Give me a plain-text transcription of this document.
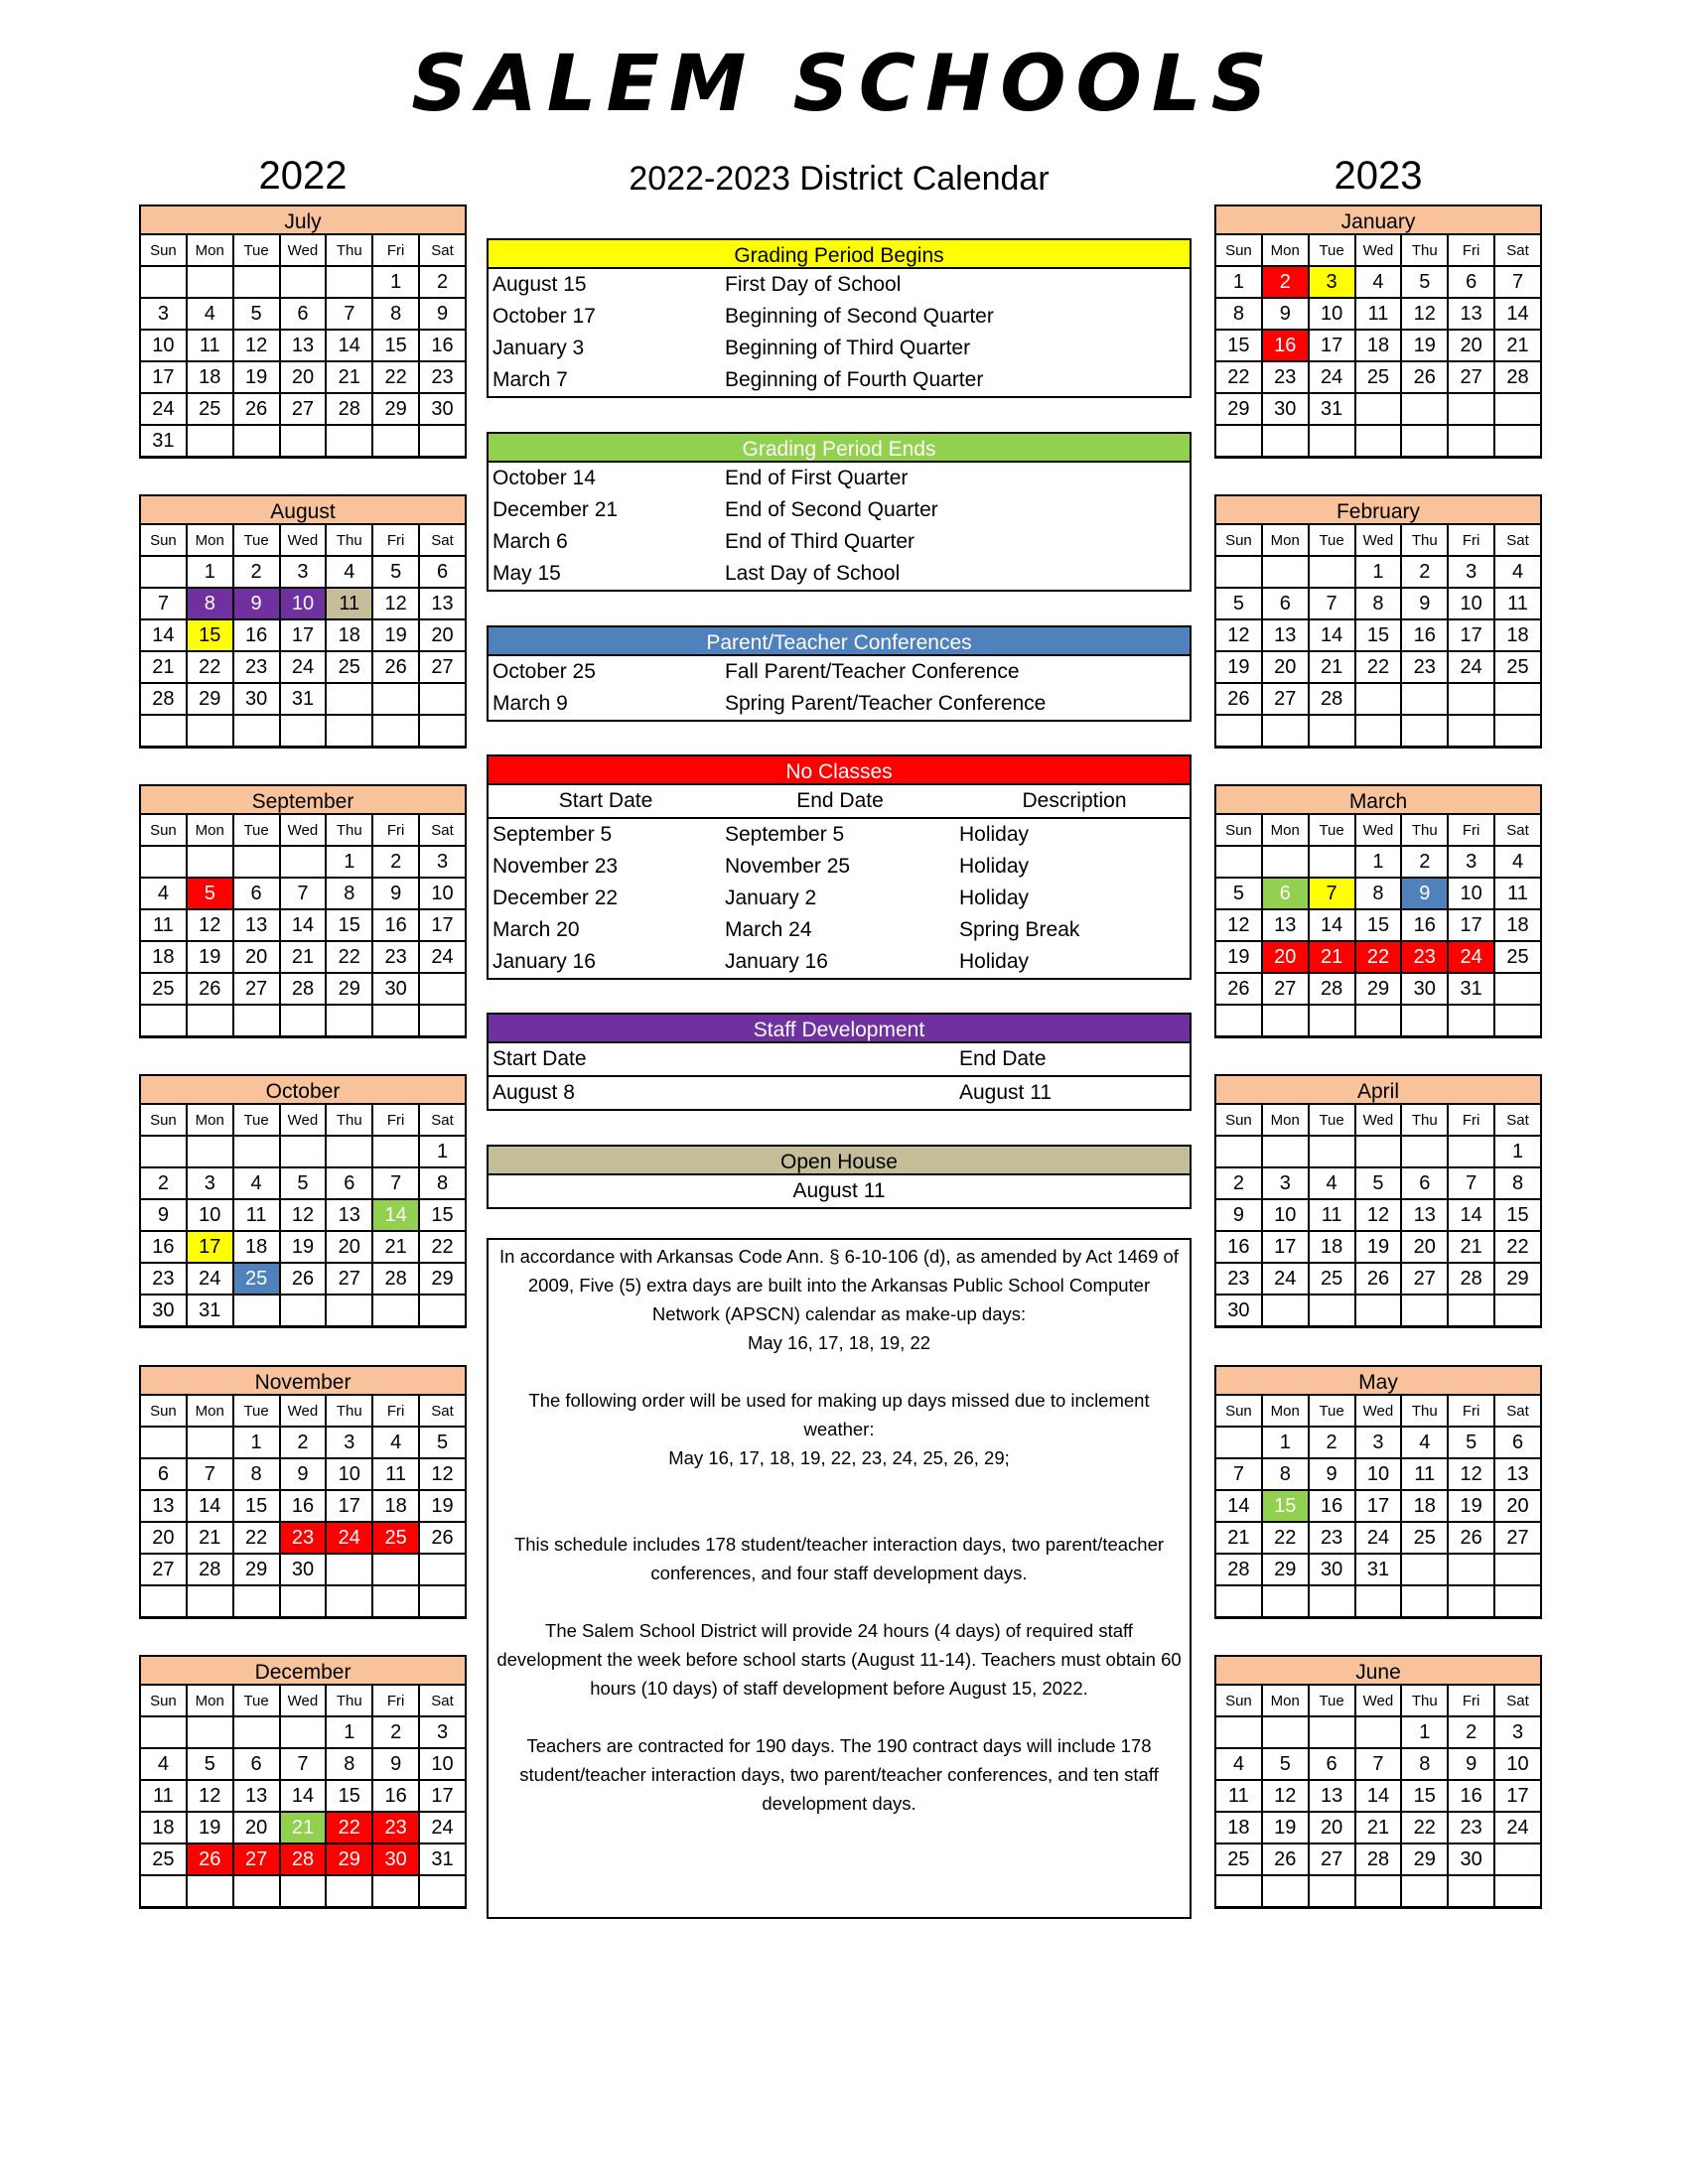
SALEM SCHOOLS
2022	2022-2023 District Calendar	2023
July
Sun	Mon	Tue	Wed	Thu	Fri	Sat
					1	2
3	4	5	6	7	8	9
10	11	12	13	14	15	16
17	18	19	20	21	22	23
24	25	26	27	28	29	30
31						
August
Sun	Mon	Tue	Wed	Thu	Fri	Sat
	1	2	3	4	5	6
7	8	9	10	11	12	13
14	15	16	17	18	19	20
21	22	23	24	25	26	27
28	29	30	31			

September
Sun	Mon	Tue	Wed	Thu	Fri	Sat
				1	2	3
4	5	6	7	8	9	10
11	12	13	14	15	16	17
18	19	20	21	22	23	24
25	26	27	28	29	30	

October
Sun	Mon	Tue	Wed	Thu	Fri	Sat
						1
2	3	4	5	6	7	8
9	10	11	12	13	14	15
16	17	18	19	20	21	22
23	24	25	26	27	28	29
30	31					
November
Sun	Mon	Tue	Wed	Thu	Fri	Sat
		1	2	3	4	5
6	7	8	9	10	11	12
13	14	15	16	17	18	19
20	21	22	23	24	25	26
27	28	29	30			

December
Sun	Mon	Tue	Wed	Thu	Fri	Sat
				1	2	3
4	5	6	7	8	9	10
11	12	13	14	15	16	17
18	19	20	21	22	23	24
25	26	27	28	29	30	31

January
Sun	Mon	Tue	Wed	Thu	Fri	Sat
1	2	3	4	5	6	7
8	9	10	11	12	13	14
15	16	17	18	19	20	21
22	23	24	25	26	27	28
29	30	31				

February
Sun	Mon	Tue	Wed	Thu	Fri	Sat
			1	2	3	4
5	6	7	8	9	10	11
12	13	14	15	16	17	18
19	20	21	22	23	24	25
26	27	28				

March
Sun	Mon	Tue	Wed	Thu	Fri	Sat
			1	2	3	4
5	6	7	8	9	10	11
12	13	14	15	16	17	18
19	20	21	22	23	24	25
26	27	28	29	30	31	

April
Sun	Mon	Tue	Wed	Thu	Fri	Sat
						1
2	3	4	5	6	7	8
9	10	11	12	13	14	15
16	17	18	19	20	21	22
23	24	25	26	27	28	29
30						
May
Sun	Mon	Tue	Wed	Thu	Fri	Sat
	1	2	3	4	5	6
7	8	9	10	11	12	13
14	15	16	17	18	19	20
21	22	23	24	25	26	27
28	29	30	31			

June
Sun	Mon	Tue	Wed	Thu	Fri	Sat
				1	2	3
4	5	6	7	8	9	10
11	12	13	14	15	16	17
18	19	20	21	22	23	24
25	26	27	28	29	30	

Grading Period Begins
August 15	First Day of School
October 17	Beginning of Second Quarter
January 3	Beginning of Third Quarter
March 7	Beginning of Fourth Quarter
Grading Period Ends
October 14	End of First Quarter
December 21	End of Second Quarter
March 6	End of Third Quarter
May 15	Last Day of School
Parent/Teacher Conferences
October 25	Fall Parent/Teacher Conference
March 9	Spring Parent/Teacher Conference
No Classes
Start Date	End Date	Description
September 5	September 5	Holiday
November 23	November 25	Holiday
December 22	January 2	Holiday
March 20	March 24	Spring Break
January 16	January 16	Holiday
Staff Development
Start Date	End Date
August 8	August 11
Open House
August 11

In accordance with Arkansas Code Ann. § 6-10-106 (d), as amended by Act 1469 of 2009, Five (5) extra days are built into the Arkansas Public School Computer Network (APSCN) calendar as make-up days:
May 16, 17, 18, 19, 22

The following order will be used for making up days missed due to inclement weather:
May 16, 17, 18, 19, 22, 23, 24, 25, 26, 29;

This schedule includes 178 student/teacher interaction days, two parent/teacher conferences, and four staff development days.

The Salem School District will provide 24 hours (4 days) of required staff development the week before school starts (August 11-14). Teachers must obtain 60 hours (10 days) of staff development before August 15, 2022.

Teachers are contracted for 190 days. The 190 contract days will include 178 student/teacher interaction days, two parent/teacher conferences, and ten staff development days.
